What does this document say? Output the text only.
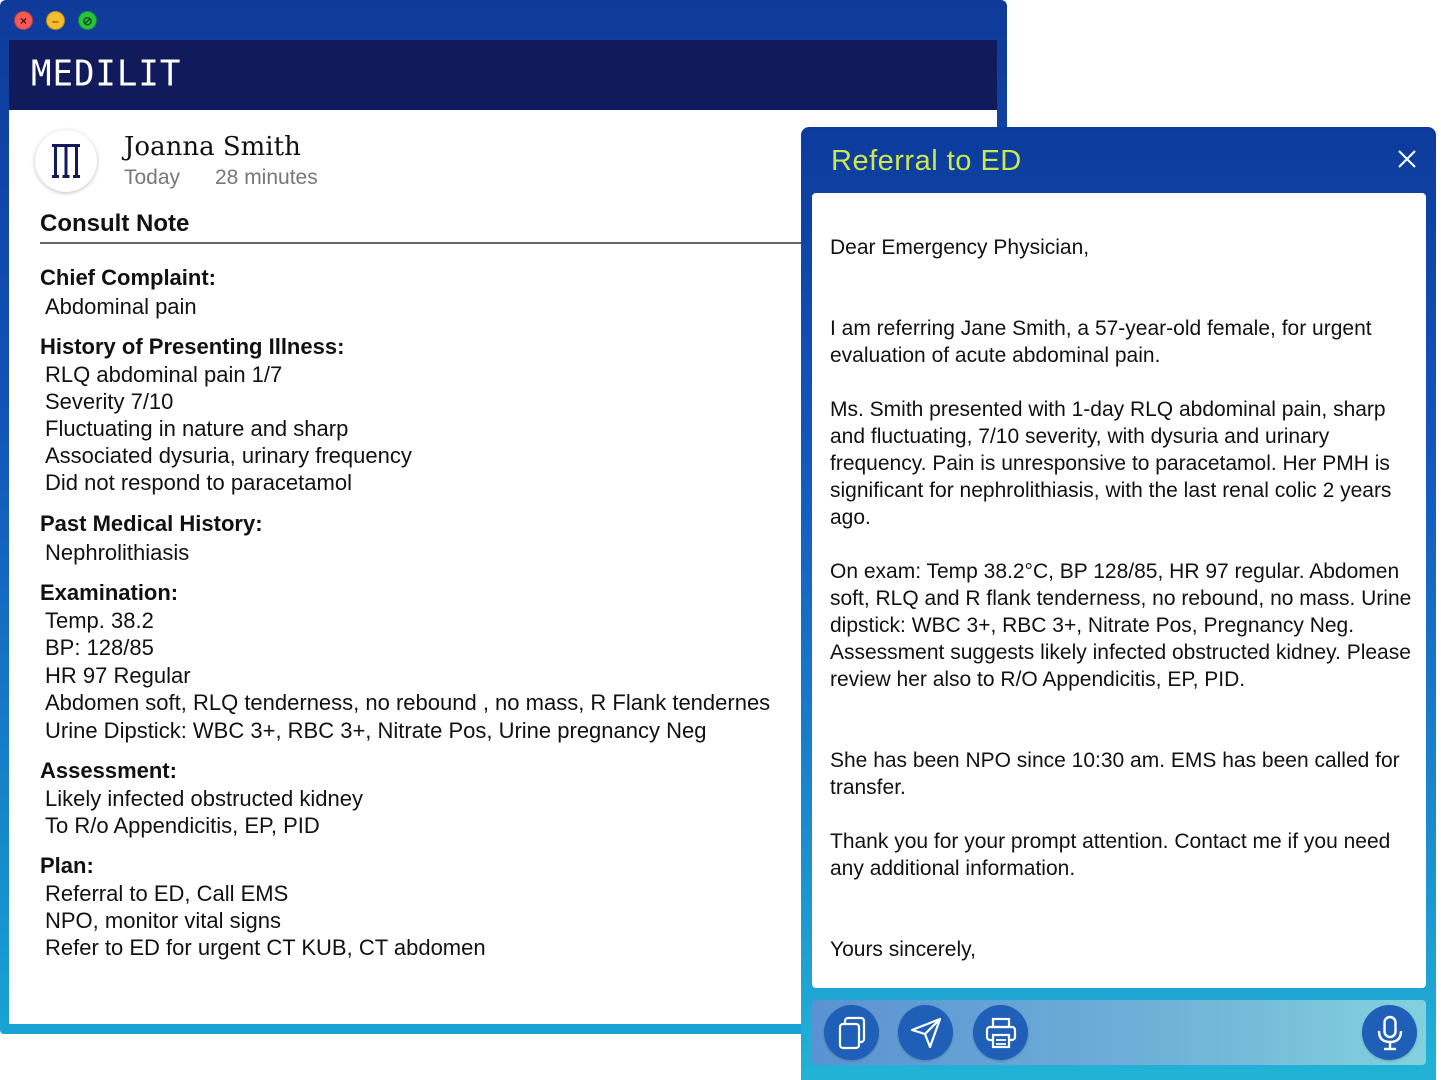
×	–	⊘
MEDILIT
Joanna Smith
Today 28 minutes
Consult Note
Chief Complaint:
Abdominal pain
History of Presenting Illness:
RLQ abdominal pain 1/7
Severity 7/10
Fluctuating in nature and sharp
Associated dysuria, urinary frequency
Did not respond to paracetamol
Past Medical History:
Nephrolithiasis
Examination:
Temp. 38.2
BP: 128/85
HR 97 Regular
Abdomen soft, RLQ tenderness, no rebound , no mass, R Flank tendernes
Urine Dipstick: WBC 3+, RBC 3+, Nitrate Pos, Urine pregnancy Neg
Assessment:
Likely infected obstructed kidney
To R/o Appendicitis, EP, PID
Plan:
Referral to ED, Call EMS
NPO, monitor vital signs
Refer to ED for urgent CT KUB, CT abdomen
Referral to ED
Dear Emergency Physician,
I am referring Jane Smith, a 57-year-old female, for urgent evaluation of acute abdominal pain.
Ms. Smith presented with 1-day RLQ abdominal pain, sharp and fluctuating, 7/10 severity, with dysuria and urinary frequency. Pain is unresponsive to paracetamol. Her PMH is significant for nephrolithiasis, with the last renal colic 2 years ago.
On exam: Temp 38.2°C, BP 128/85, HR 97 regular. Abdomen soft, RLQ and R flank tenderness, no rebound, no mass. Urine dipstick: WBC 3+, RBC 3+, Nitrate Pos, Pregnancy Neg. Assessment suggests likely infected obstructed kidney. Please review her also to R/O Appendicitis, EP, PID.
She has been NPO since 10:30 am. EMS has been called for transfer.
Thank you for your prompt attention. Contact me if you need any additional information.
Yours sincerely,
